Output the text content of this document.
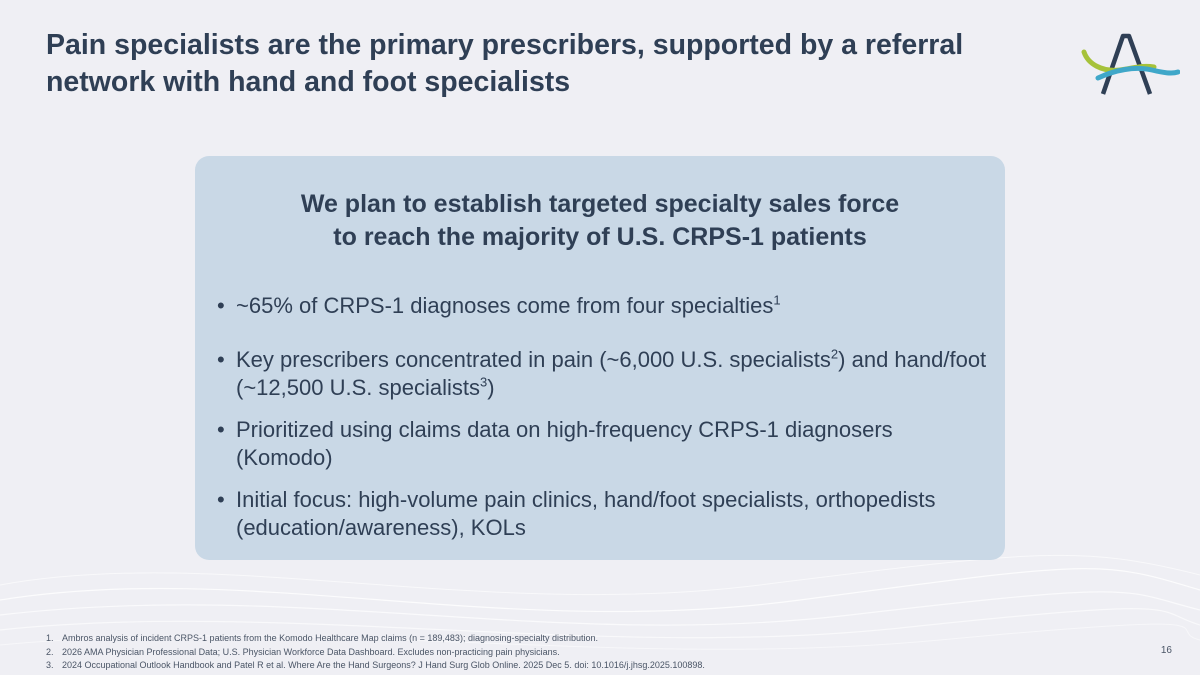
Pain specialists are the primary prescribers, supported by a referral network with hand and foot specialists
We plan to establish targeted specialty sales force
to reach the majority of U.S. CRPS-1 patients
• ~65% of CRPS-1 diagnoses come from four specialties$^1$
• Key prescribers concentrated in pain (~6,000 U.S. specialists$^2$) and hand/foot (~12,500 U.S. specialists$^3$)
• Prioritized using claims data on high-frequency CRPS-1 diagnosers (Komodo)
• Initial focus: high-volume pain clinics, hand/foot specialists, orthopedists (education/awareness), KOLs
1. Ambros analysis of incident CRPS-1 patients from the Komodo Healthcare Map claims (n = 189,483); diagnosing-specialty distribution.
2. 2026 AMA Physician Professional Data; U.S. Physician Workforce Data Dashboard. Excludes non-practicing pain physicians.
3. 2024 Occupational Outlook Handbook and Patel R et al. Where Are the Hand Surgeons? J Hand Surg Glob Online. 2025 Dec 5. doi: 10.1016/j.jhsg.2025.100898.
16
